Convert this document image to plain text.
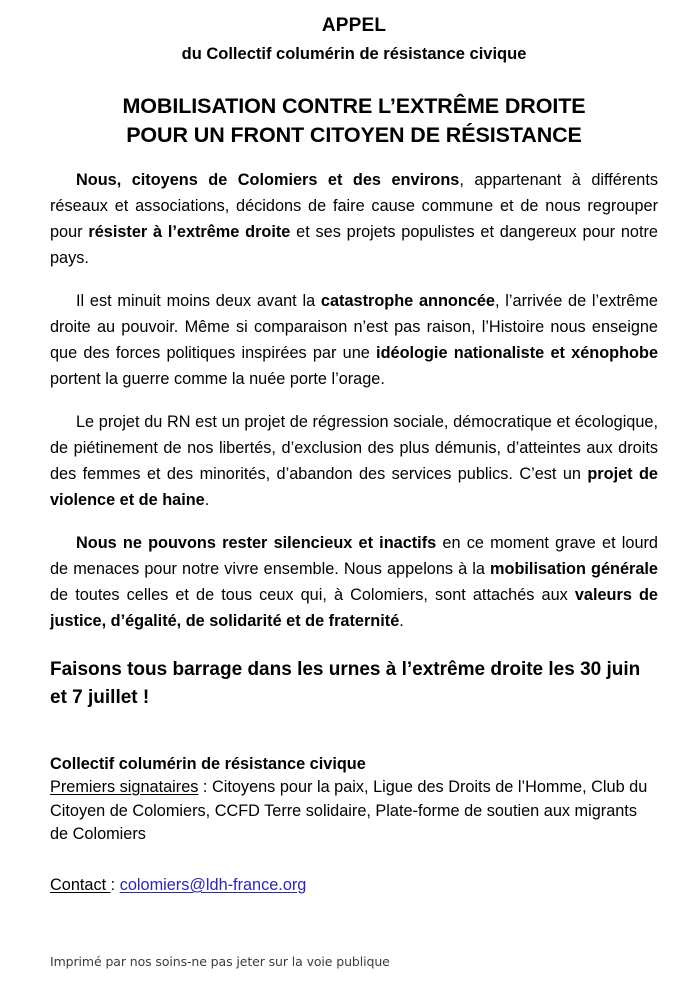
APPEL
du Collectif columérin de résistance civique
MOBILISATION CONTRE L’EXTRÊME DROITE
POUR UN FRONT CITOYEN DE RÉSISTANCE

Nous, citoyens de Colomiers et des environs, appartenant à différents réseaux et associations, décidons de faire cause commune et de nous regrouper pour résister à l’extrême droite et ses projets populistes et dangereux pour notre pays.

Il est minuit moins deux avant la catastrophe annoncée, l’arrivée de l’extrême droite au pouvoir. Même si comparaison n’est pas raison, l’Histoire nous enseigne que des forces politiques inspirées par une idéologie nationaliste et xénophobe portent la guerre comme la nuée porte l’orage.

Le projet du RN est un projet de régression sociale, démocratique et écologique, de piétinement de nos libertés, d’exclusion des plus démunis, d’atteintes aux droits des femmes et des minorités, d’abandon des services publics. C’est un projet de violence et de haine.

Nous ne pouvons rester silencieux et inactifs en ce moment grave et lourd de menaces pour notre vivre ensemble. Nous appelons à la mobilisation générale de toutes celles et de tous ceux qui, à Colomiers, sont attachés aux valeurs de justice, d’égalité, de solidarité et de fraternité.

Faisons tous barrage dans les urnes à l’extrême droite les 30 juin et 7 juillet !

Collectif columérin de résistance civique

Premiers signataires : Citoyens pour la paix, Ligue des Droits de l’Homme, Club du Citoyen de Colomiers, CCFD Terre solidaire, Plate-forme de soutien aux migrants de Colomiers

Contact : colomiers@ldh-france.org

Imprimé par nos soins-ne pas jeter sur la voie publique
